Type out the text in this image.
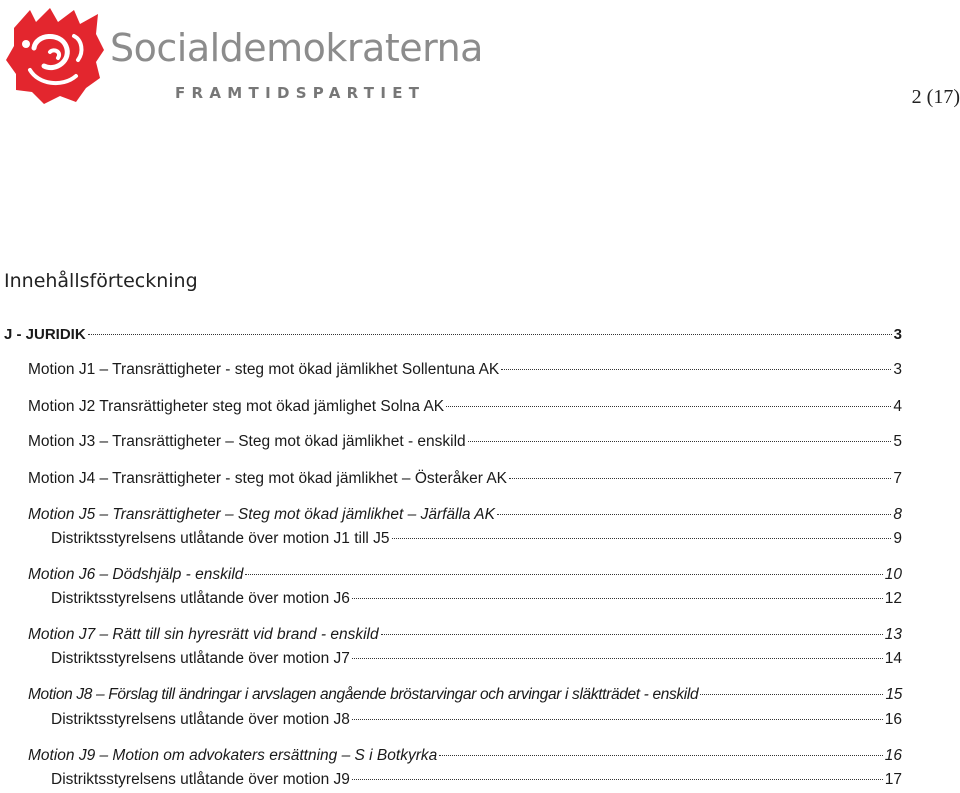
Socialdemokraterna
FRAMTIDSPARTIET	2 (17)
Innehållsförteckning
J - JURIDIK	3
Motion J1 – Transrättigheter - steg mot ökad jämlikhet Sollentuna AK	3
Motion J2 Transrättigheter steg mot ökad jämlighet Solna AK	4
Motion J3 – Transrättigheter – Steg mot ökad jämlikhet - enskild	5
Motion J4 – Transrättigheter - steg mot ökad jämlikhet – Österåker AK	7
Motion J5 – Transrättigheter – Steg mot ökad jämlikhet – Järfälla AK	8
Distriktsstyrelsens utlåtande över motion J1 till J5	9
Motion J6 – Dödshjälp - enskild	10
Distriktsstyrelsens utlåtande över motion J6	12
Motion J7 – Rätt till sin hyresrätt vid brand - enskild	13
Distriktsstyrelsens utlåtande över motion J7	14
Motion J8 – Förslag till ändringar i arvslagen angående bröstarvingar och arvingar i släktträdet - enskild	15
Distriktsstyrelsens utlåtande över motion J8	16
Motion J9 – Motion om advokaters ersättning – S i Botkyrka	16
Distriktsstyrelsens utlåtande över motion J9	17
